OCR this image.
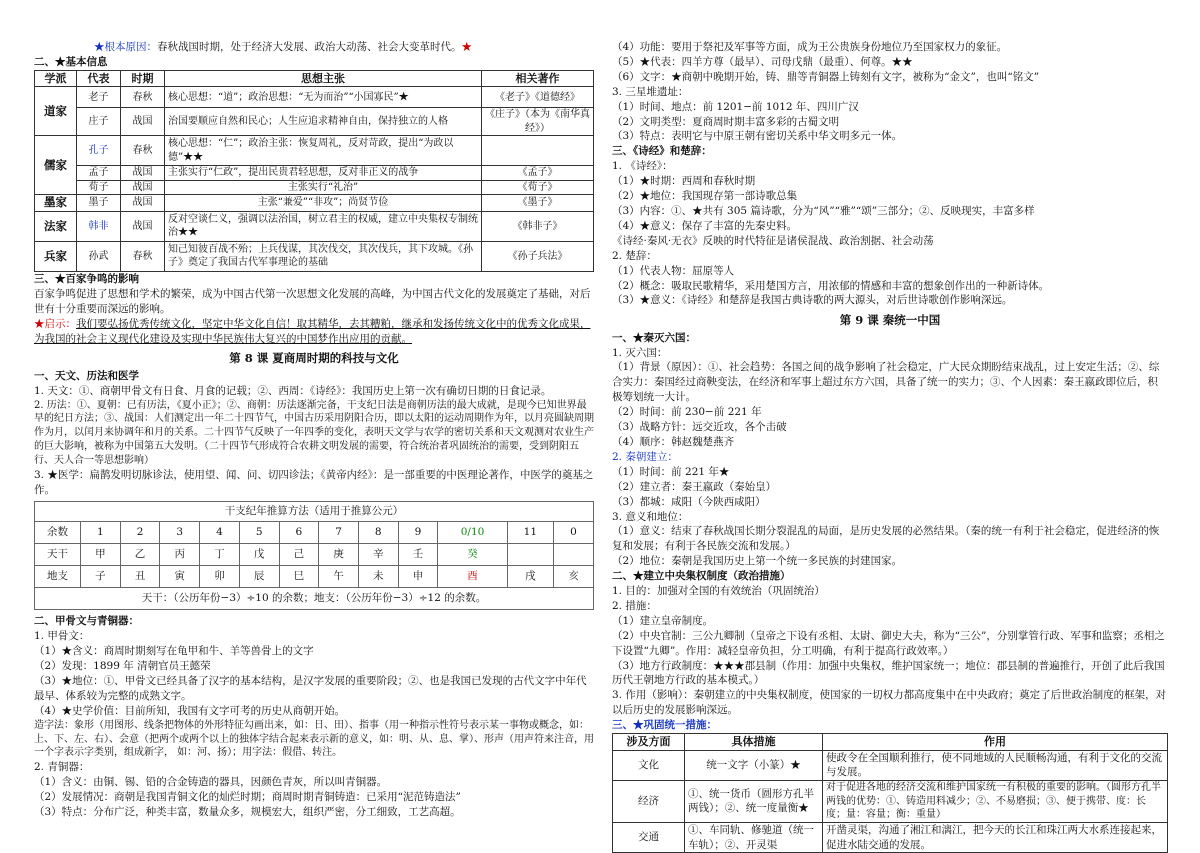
★根本原因：春秋战国时期，处于经济大发展、政治大动荡、社会大变革时代。★
二、★基本信息
学派	代表	时期	思想主张	相关著作
道家	老子	春秋	核心思想：“道”；政治思想：“无为而治”“小国寡民”★	《老子》《道德经》
	庄子	战国	治国要顺应自然和民心；人生应追求精神自由，保持独立的人格	《庄子》（本为《南华真经》）
儒家	孔子	春秋	核心思想：“仁”；政治主张：恢复周礼，反对苛政，提出“为政以德”★★	
	孟子	战国	主张实行“仁政”，提出民贵君轻思想，反对非正义的战争	《孟子》
	荀子	战国	主张实行“礼治”	《荀子》
墨家	墨子	战国	主张“兼爱”“非攻”；尚贤节俭	《墨子》
法家	韩非	战国	反对空谈仁义，强调以法治国，树立君主的权威，建立中央集权专制统治★★	《韩非子》
兵家	孙武	春秋	知己知彼百战不殆；上兵伐谋，其次伐交，其次伐兵，其下攻城。《孙子》奠定了我国古代军事理论的基础	《孙子兵法》
三、★百家争鸣的影响
百家争鸣促进了思想和学术的繁荣，成为中国古代第一次思想文化发展的高峰，为中国古代文化的发展奠定了基础，对后世有十分重要而深远的影响。
★启示：我们要弘扬优秀传统文化，坚定中华文化自信！取其精华，去其糟粕，继承和发扬传统文化中的优秀文化成果，为我国的社会主义现代化建设及实现中华民族伟大复兴的中国梦作出应用的贡献。
第 8 课 夏商周时期的科技与文化
一、天文、历法和医学
1. 天文：①、商朝甲骨文有日食、月食的记载；②、西周：《诗经》：我国历史上第一次有确切日期的日食记录。
2. 历法：①、夏朝：已有历法，《夏小正》；②、商朝：历法逐渐完备，干支纪日法是商朝历法的最大成就，是现今已知世界最早的纪日方法；③、战国：人们测定出一年二十四节气，中国古历采用阴阳合历，即以太阳的运动周期作为年，以月亮圆缺周期作为月，以闰月来协调年和月的关系。二十四节气反映了一年四季的变化，表明天文学与农学的密切关系和天文观测对农业生产的巨大影响，被称为中国第五大发明。（二十四节气形成符合农耕文明发展的需要，符合统治者巩固统治的需要，受到阴阳五行、天人合一等思想影响）
3. ★医学：扁鹊发明切脉诊法，使用望、闻、问、切四诊法；《黄帝内经》：是一部重要的中医理论著作，中医学的奠基之作。
干支纪年推算方法（适用于推算公元）												
余数	1	2	3	4	5	6	7	8	9	0/10	11	0
天干	甲	乙	丙	丁	戊	己	庚	辛	壬	癸		
地支	子	丑	寅	卯	辰	巳	午	未	申	酉	戌	亥
天干：（公历年份−3）÷10 的余数；地支：（公历年份−3）÷12 的余数。												
二、甲骨文与青铜器：
1. 甲骨文：
（1）★含义：商周时期刻写在龟甲和牛、羊等兽骨上的文字
（2）发现：1899 年 清朝官员王懿荣
（3）★地位：①、甲骨文已经具备了汉字的基本结构，是汉字发展的重要阶段；②、也是我国已发现的古代文字中年代最早、体系较为完整的成熟文字。
（4）★史学价值：目前所知，我国有文字可考的历史从商朝开始。
造字法：象形（用图形、线条把物体的外形特征勾画出来，如：日、田）、指事（用一种指示性符号表示某一事物或概念，如：上、下、左、右）、会意（把两个或两个以上的独体字结合起来表示新的意义，如：明、从、息、掌）、形声（用声符来注音，用一个字表示字类别，组成新字， 如：河、扬）；用字法：假借、转注。
2. 青铜器：
（1）含义：由铜、锡、铅的合金铸造的器具，因颜色青灰，所以叫青铜器。
（2）发展情况：商朝是我国青铜文化的灿烂时期；商周时期青铜铸造：已采用“泥范铸造法”
（3）特点：分布广泛，种类丰富，数量众多，规模宏大，组织严密，分工细致，工艺高超。
（4）功能：要用于祭祀及军事等方面，成为王公贵族身份地位乃至国家权力的象征。
（5）★代表：四羊方尊（最早）、司母戊鼎（最重）、何尊。★★
（6）文字：★商朝中晚期开始，铸、鼎等青铜器上铸刻有文字，被称为“金文”，也叫“铭文”
3. 三星堆遗址：
（1）时间、地点：前 1201−前 1012 年、四川广汉
（2）文明类型：夏商周时期丰富多彩的古蜀文明
（3）特点：表明它与中原王朝有密切关系中华文明多元一体。
三、《诗经》和楚辞：
1. 《诗经》：
（1）★时期：西周和春秋时期
（2）★地位：我国现存第一部诗歌总集
（3）内容：①、★共有 305 篇诗歌，分为“风”“雅”“颂”三部分；②、反映现实，丰富多样
（4）★意义：保存了丰富的先秦史料。
《诗经·秦风·无衣》反映的时代特征是诸侯混战、政治割据、社会动荡
2. 楚辞：
（1）代表人物：屈原等人
（2）概念：吸取民歌精华，采用楚国方言，用浓郁的情感和丰富的想象创作出的一种新诗体。
（3）★意义：《诗经》和楚辞是我国古典诗歌的两大源头，对后世诗歌创作影响深远。
第 9 课 秦统一中国
一、★秦灭六国：
1. 灭六国：
（1）背景（原因）：①、社会趋势：各国之间的战争影响了社会稳定，广大民众期盼结束战乱，过上安定生活；②、综合实力：秦国经过商鞅变法，在经济和军事上超过东方六国，具备了统一的实力；③、个人因素：秦王嬴政即位后，积极筹划统一大计。
（2）时间：前 230−前 221 年
（3）战略方针：远交近攻，各个击破
（4）顺序：韩赵魏楚燕齐
2. 秦朝建立：
（1）时间：前 221 年★
（2）建立者：秦王嬴政（秦始皇）
（3）都城：咸阳（今陕西咸阳）
3. 意义和地位：
（1）意义：结束了春秋战国长期分裂混乱的局面，是历史发展的必然结果。（秦的统一有利于社会稳定，促进经济的恢复和发展；有利于各民族交流和发展。）
（2）地位：秦朝是我国历史上第一个统一多民族的封建国家。
二、★建立中央集权制度（政治措施）
1. 目的：加强对全国的有效统治（巩固统治）
2. 措施：
（1）建立皇帝制度。
（2）中央官制：三公九卿制（皇帝之下设有丞相、太尉、御史大夫，称为“三公”，分别掌管行政、军事和监察；丞相之下设置“九卿”。作用：减轻皇帝负担，分工明确，有利于提高行政效率。）
（3）地方行政制度：★★★郡县制（作用：加强中央集权，维护国家统一；地位：郡县制的普遍推行，开创了此后我国历代王朝地方行政的基本模式。）
3. 作用（影响）：秦朝建立的中央集权制度，使国家的一切权力都高度集中在中央政府；奠定了后世政治制度的框架，对以后历史的发展影响深远。
三、★巩固统一措施：
涉及方面	具体措施	作用
文化	统一文字（小篆）★	使政令在全国顺利推行，使不同地域的人民顺畅沟通，有利于文化的交流与发展。
经济	①、统一货币（圆形方孔半两钱）；②、统一度量衡★	对于促进各地的经济交流和维护国家统一有积极的重要的影响。（圆形方孔半两钱的优势：①、铸造用料减少；②、不易磨损；③、便于携带、度：长度；量：容量；衡：重量）
交通	①、车同轨、修驰道（统一车轨）；②、开灵渠	开凿灵渠，沟通了湘江和漓江，把今天的长江和珠江两大水系连接起来，促进水陆交通的发展。
